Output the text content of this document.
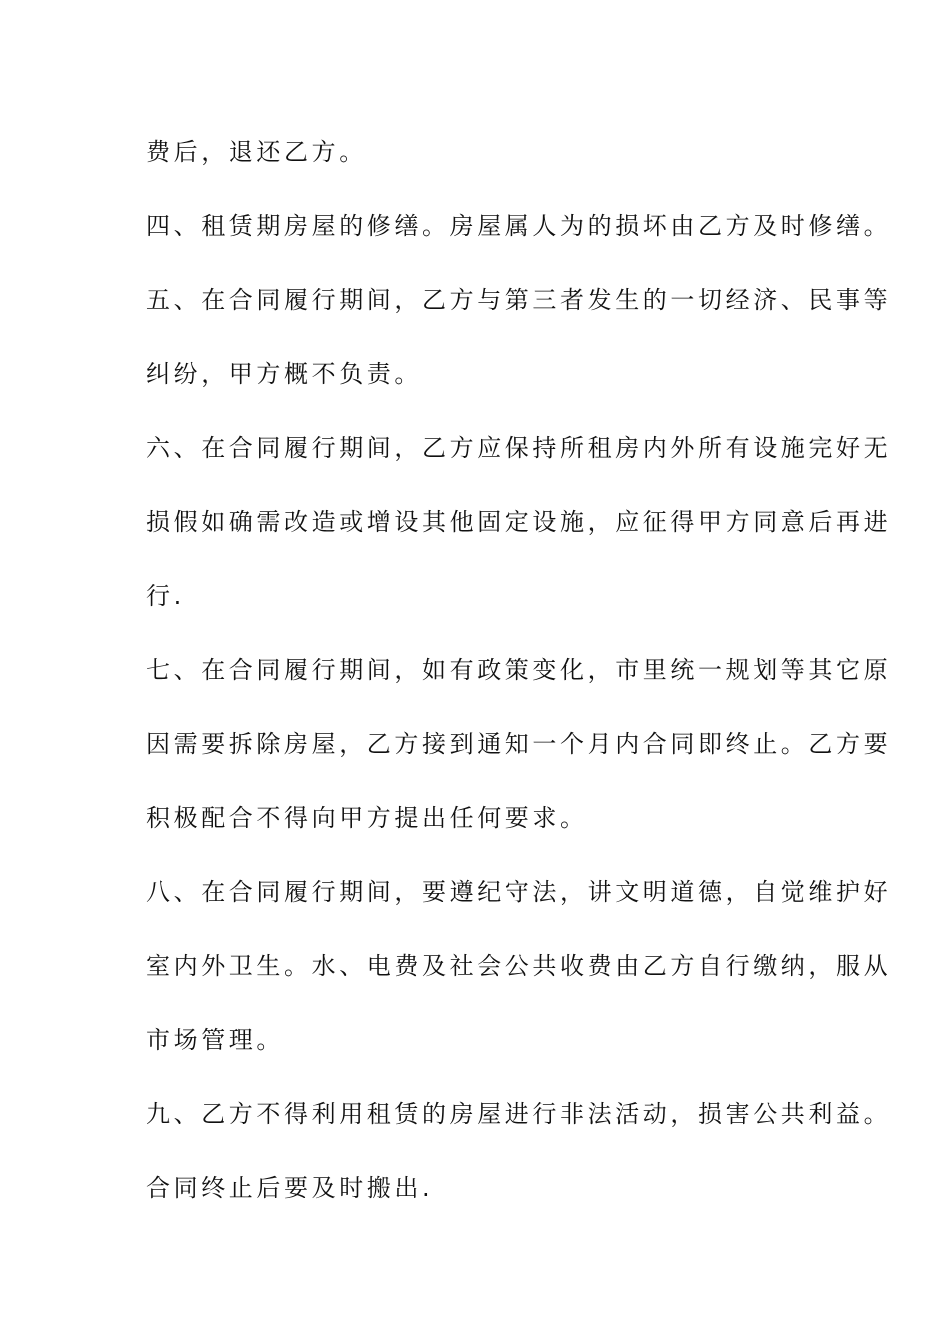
费后，退还乙方。
四、租赁期房屋的修缮。房屋属人为的损坏由乙方及时修缮。
五、在合同履行期间，乙方与第三者发生的一切经济、民事等
纠纷，甲方概不负责。
六、在合同履行期间，乙方应保持所租房内外所有设施完好无
损假如确需改造或增设其他固定设施，应征得甲方同意后再进
行.
七、在合同履行期间，如有政策变化，市里统一规划等其它原
因需要拆除房屋，乙方接到通知一个月内合同即终止。乙方要
积极配合不得向甲方提出任何要求。
八、在合同履行期间，要遵纪守法，讲文明道德，自觉维护好
室内外卫生。水、电费及社会公共收费由乙方自行缴纳，服从
市场管理。
九、乙方不得利用租赁的房屋进行非法活动，损害公共利益。
合同终止后要及时搬出.
